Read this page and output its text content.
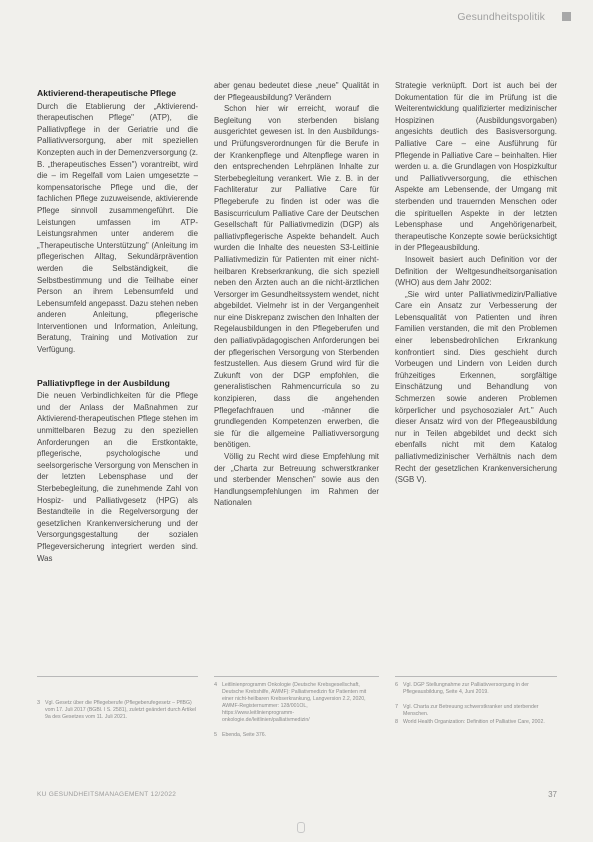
Gesundheitspolitik
Aktivierend-therapeutische Pflege

Durch die Etablierung der „Aktivierend-therapeutischen Pflege" (ATP), die Palliativpflege in der Geriatrie und die Palliativversorgung, aber mit speziellen Konzepten auch in der Demenzversorgung (z. B. „therapeutisches Essen") vorantreibt, wird die – im Regelfall vom Laien umgesetzte – kompensatorische Pflege und die, der fachlichen Pflege zuzuweisende, aktivierende Pflege sinnvoll zusammengeführt. Die Leistungen umfassen im ATP-Leistungsrahmen unter anderem die „Therapeutische Unterstützung" (Anleitung im pflegerischen Alltag, Sekundärprävention werden die Selbständigkeit, die Selbstbestimmung und die Teilhabe einer Person an ihrem Lebensumfeld und Lebensumfeld angepasst. Dazu stehen neben anderen Anleitung, pflegerische Interventionen und Information, Anleitung, Beratung, Training und Motivation zur Verfügung.

Palliativpflege in der Ausbildung

Die neuen Verbindlichkeiten für die Pflege und der Anlass der Maßnahmen zur Aktivierend-therapeutischen Pflege stehen im unmittelbaren Bezug zu den speziellen Anforderungen an die Erstkontakte, pflegerische, psychologische und seelsorgerische Versorgung von Menschen in der letzten Lebensphase und der Sterbebegleitung, die zunehmende Zahl von Hospiz- und Palliativgesetz (HPG) als Bestandteile in die Regelversorgung der gesetzlichen Krankenversicherung und der Versorgungsgestaltung der sozialen Pflegeversicherung integriert werden sind. Was

aber genau bedeutet diese „neue" Qualität in der Pflegeausbildung? Verändern

Schon hier wir erreicht, worauf die Begleitung von sterbenden bislang ausgerichtet gewesen ist. In den Ausbildungs- und Prüfungsverordnungen für die Berufe in der Krankenpflege und Altenpflege waren in den entsprechenden Lehrplänen Inhalte zur Sterbebegleitung verankert. Wie z. B. in der Fachliteratur zur Palliative Care für Pflegeberufe zu finden ist oder was die Basiscurriculum Palliative Care der Deutschen Gesellschaft für Palliativmedizin (DGP) als palliativpflegerische Aspekte behandelt. Auch wurden die Inhalte des neuesten S3-Leitlinie Palliativmedizin für Patienten mit einer nicht-heilbaren Krebserkrankung, die sich speziell neben den Ärzten auch an die nicht-ärztlichen Versorger im Gesundheitssystem wendet, nicht abgebildet. Vielmehr ist in der Vergangenheit nur eine Diskrepanz zwischen den Inhalten der Regelausbildungen in den Pflegeberufen und den palliativpädagogischen Anforderungen bei der pflegerischen Versorgung von Sterbenden festzustellen. Aus diesem Grund wird für die Zukunft von der DGP empfohlen, die generalistischen Rahmencurricula so zu konzipieren, dass die angehenden Pflegefachfrauen und -männer die grundlegenden Kompetenzen erwerben, die sie für die allgemeine Palliativversorgung benötigen.

Völlig zu Recht wird diese Empfehlung mit der „Charta zur Betreuung schwerstkranker und sterbender Menschen" sowie aus den Handlungsempfehlungen im Rahmen der Nationalen

Strategie verknüpft. Dort ist auch bei der Dokumentation für die im Prüfung ist die Weiterentwicklung qualifizierter medizinischer Hospizinen (Ausbildungsvorgaben) angesichts deutlich des Basisversorgung. Palliative Care – eine Ausführung für Pflegende in Palliative Care – beinhalten. Hier werden u. a. die Grundlagen von Hospizkultur und Palliativversorgung, die ethischen Aspekte am Lebensende, der Umgang mit sterbenden und trauernden Menschen oder die spirituellen Aspekte in der letzten Lebensphase und Angehörigenarbeit, therapeutische Konzepte sowie berücksichtigt in der Pflegeausbildung.

Insoweit basiert auch Definition vor der Definition der Weltgesundheitsorganisation (WHO) aus dem Jahr 2002:

„Sie wird unter Palliativmedizin/Palliative Care ein Ansatz zur Verbesserung der Lebensqualität von Patienten und ihren Familien verstanden, die mit den Problemen einer lebensbedrohlichen Erkrankung konfrontiert sind. Dies geschieht durch Vorbeugen und Lindern von Leiden durch frühzeitiges Erkennen, sorgfältige Einschätzung und Behandlung von Schmerzen sowie anderen Problemen körperlicher und psychosozialer Art." Auch dieser Ansatz wird von der Pflegeausbildung nur in Teilen abgebildet und deckt sich ebenfalls nicht mit dem Katalog palliativmedizinischer Verhältnis nach dem Recht der gesetzlichen Krankenversicherung (SGB V).

3 Vgl. Gesetz über die Pflegeberufe (Pflegeberufegesetz – PflBG) vom 17. Juli 2017 (BGBl. I S. 2581), zuletzt geändert durch Artikel 9a des Gesetzes vom 11. Juli 2021.
4 Leitlinienprogramm Onkologie (Deutsche Krebsgesellschaft, Deutsche Krebshilfe, AWMF): Palliativmedizin für Patienten mit einer nicht-heilbaren Krebserkrankung, Langversion 2.2, 2020, AWMF-Registernummer: 128/001OL, https://www.leitlinienprogramm-onkologie.de/leitlinien/palliativmedizin/
5 Ebenda, Seite 376.
6 Vgl. DGP Stellungnahme zur Palliativversorgung in der Pflegeausbildung, Seite 4, Juni 2019.
7 Vgl. Charta zur Betreuung schwerstkranker und sterbender Menschen.
8 World Health Organization: Definition of Palliative Care, 2002.
KU GESUNDHEITSMANAGEMENT 12/2022	37
